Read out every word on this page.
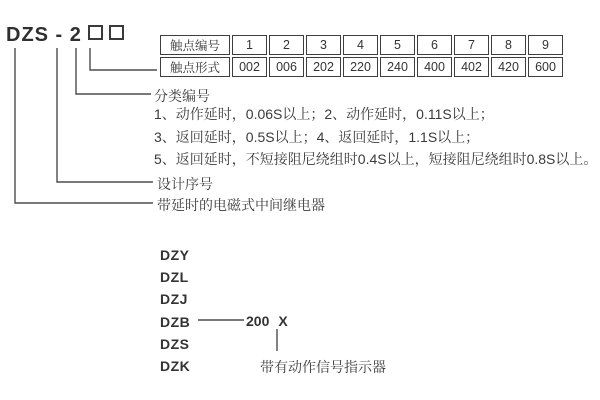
DZS - 2	触点编号	1	2	3	4	5	6	7	8	9
触点形式	002	006	202	220	240	400	402	420	600
分类编号
1、动作延时，0.06S以上；2、动作延时，0.11S以上；
3、返回延时，0.5S以上；4、返回延时，1.1S以上；
5、返回延时，不短接阻尼绕组时0.4S以上，短接阻尼绕组时0.8S以上。
设计序号
带延时的电磁式中间继电器
DZY
DZL
DZJ
DZB
DZS
DZK
200 X
带有动作信号指示器
